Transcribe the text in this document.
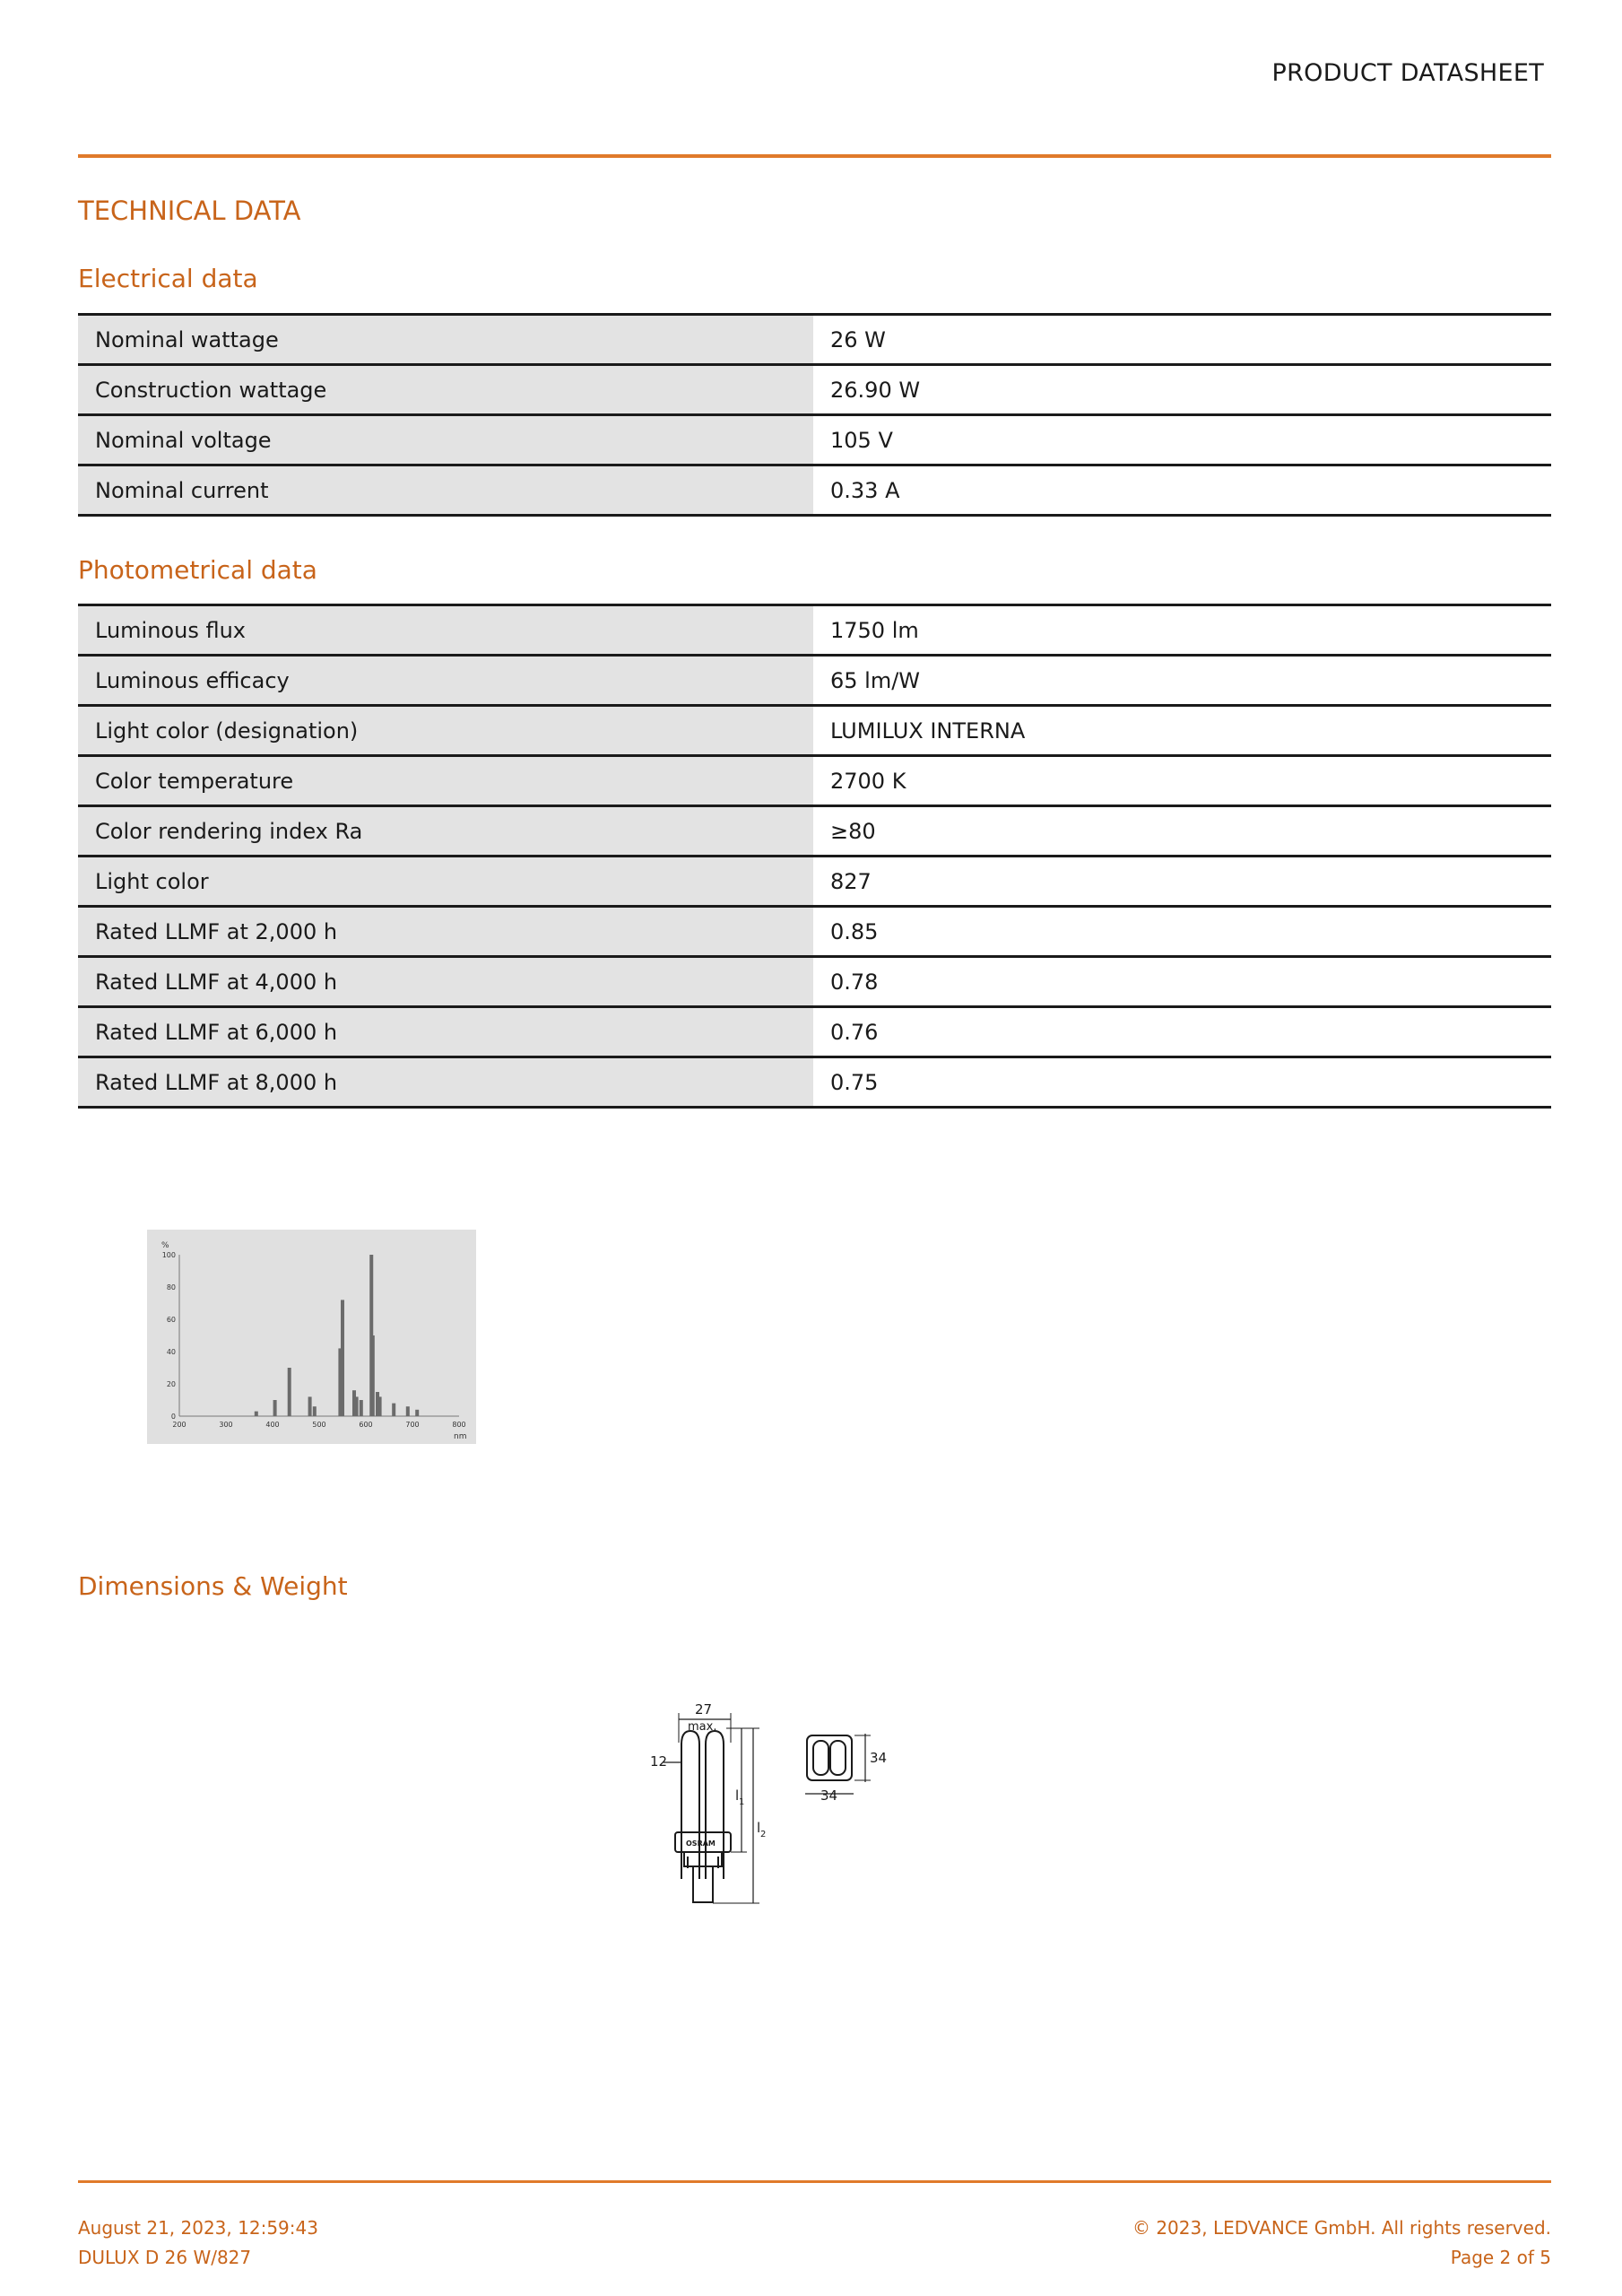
PRODUCT DATASHEET
TECHNICAL DATA
Electrical data
Nominal wattage	26 W
Construction wattage	26.90 W
Nominal voltage	105 V
Nominal current	0.33 A
Photometrical data
Luminous flux	1750 lm
Luminous efficacy	65 lm/W
Light color (designation)	LUMILUX INTERNA
Color temperature	2700 K
Color rendering index Ra	≥80
Light color	827
Rated LLMF at 2,000 h	0.85
Rated LLMF at 4,000 h	0.78
Rated LLMF at 6,000 h	0.76
Rated LLMF at 8,000 h	0.75
%
nm
100
80
60
40
20
0
200	300	400	500	600	700	800
Dimensions & Weight
27
max.
12
l 1
l 2
34
34
OSRAM
August 21, 2023, 12:59:43
DULUX D 26 W/827
© 2023, LEDVANCE GmbH. All rights reserved.
Page 2 of 5
